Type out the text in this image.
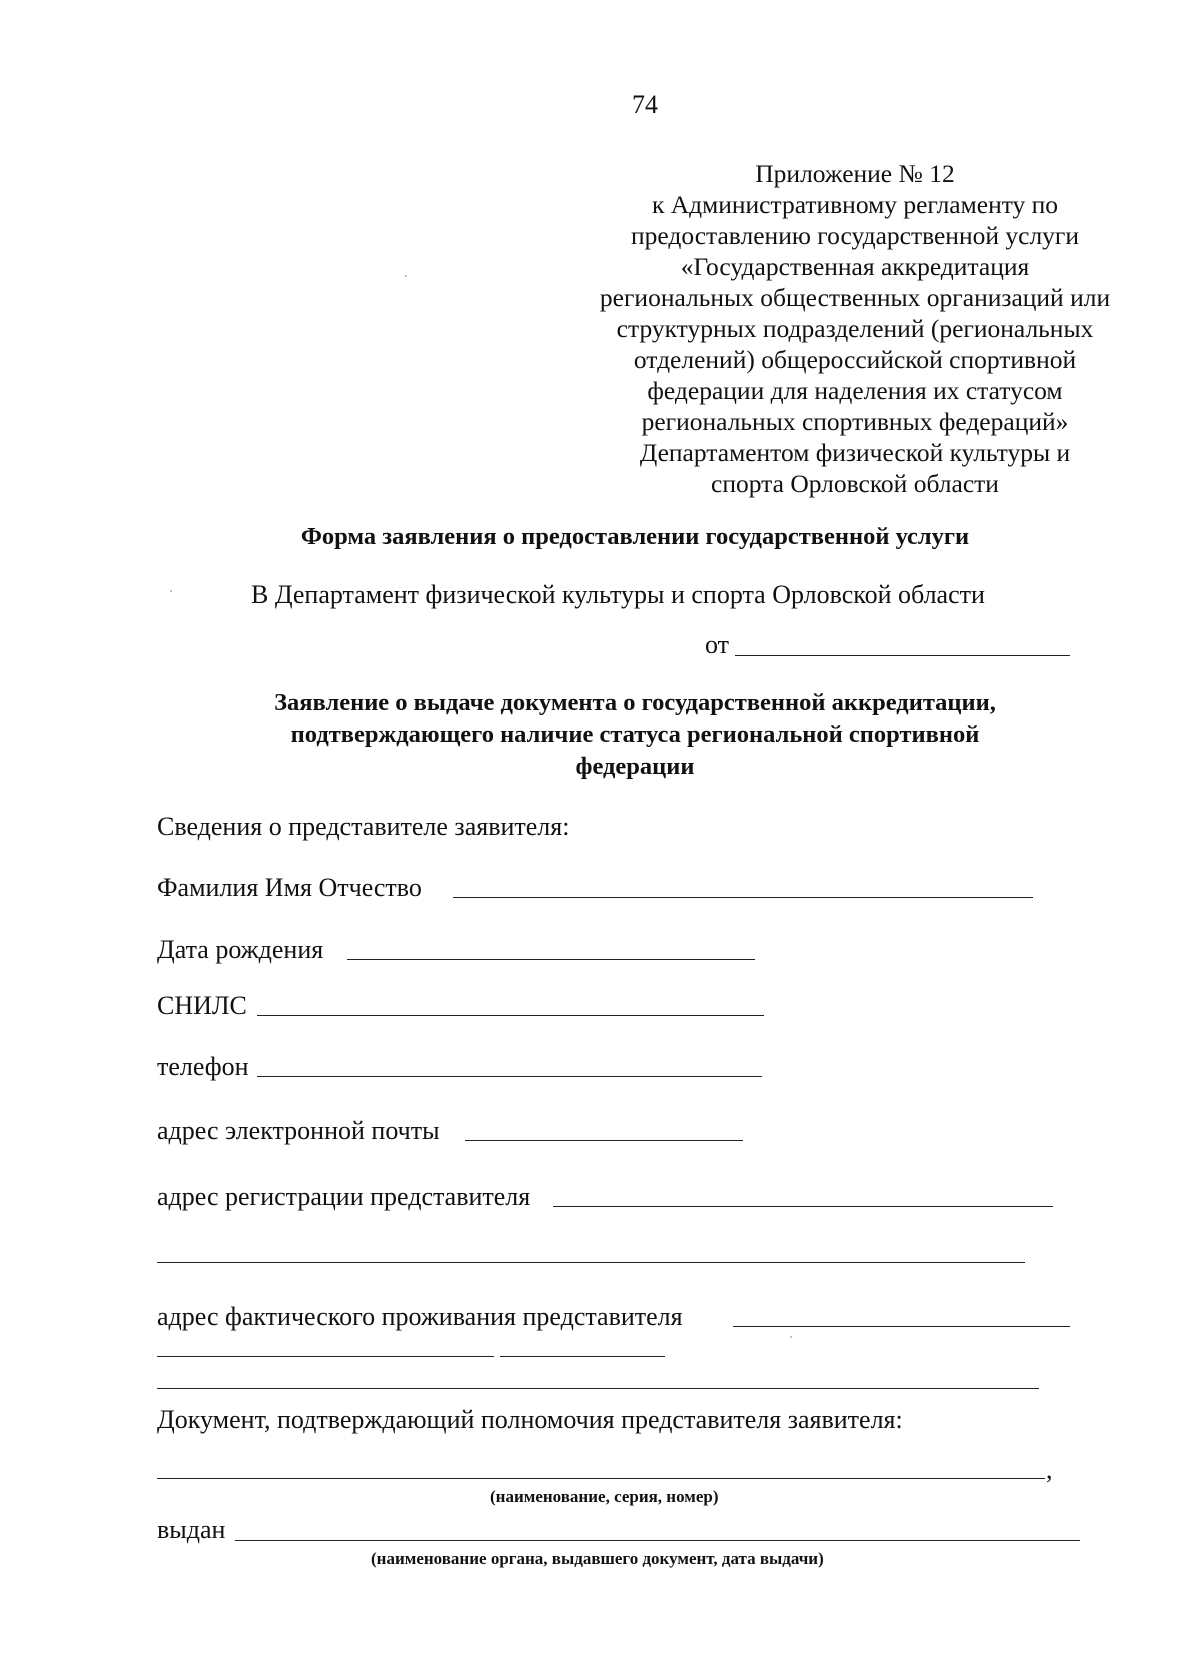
74
Приложение № 12
к Административному регламенту по
предоставлению государственной услуги
«Государственная аккредитация
региональных общественных организаций или
структурных подразделений (региональных
отделений) общероссийской спортивной
федерации для наделения их статусом
региональных спортивных федераций»
Департаментом физической культуры и
спорта Орловской области
Форма заявления о предоставлении государственной услуги
В Департамент физической культуры и спорта Орловской области
от
Заявление о выдаче документа о государственной аккредитации,
подтверждающего наличие статуса региональной спортивной
федерации
Сведения о представителе заявителя:
Фамилия Имя Отчество
Дата рождения
СНИЛС
телефон
адрес электронной почты
адрес регистрации представителя
адрес фактического проживания представителя
Документ, подтверждающий полномочия представителя заявителя:
,
(наименование, серия, номер)
выдан
(наименование органа, выдавшего документ, дата выдачи)
